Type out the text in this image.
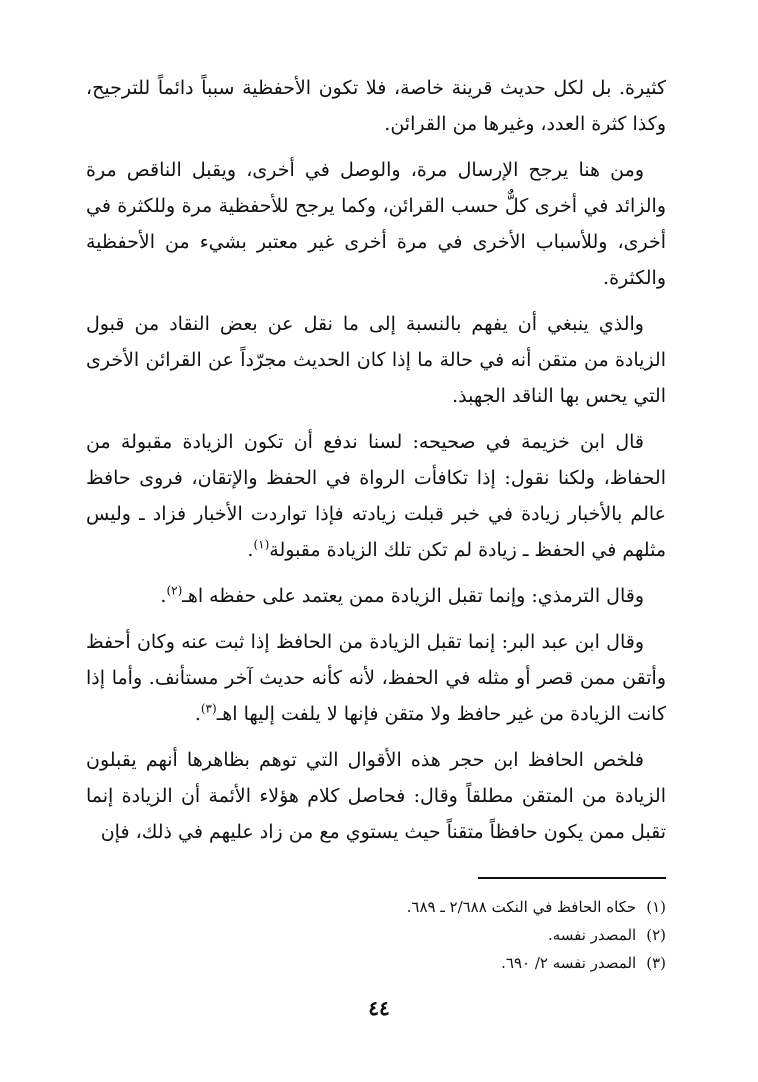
كثيرة. بل لكل حديث قرينة خاصة، فلا تكون الأحفظية سبباً دائماً للترجيح، وكذا كثرة العدد، وغيرها من القرائن.

ومن هنا يرجح الإرسال مرة، والوصل في أخرى، ويقبل الناقص مرة والزائد في أخرى كلٌّ حسب القرائن، وكما يرجح للأحفظية مرة وللكثرة في أخرى، وللأسباب الأخرى في مرة أخرى غير معتبر بشيء من الأحفظية والكثرة.

والذي ينبغي أن يفهم بالنسبة إلى ما نقل عن بعض النقاد من قبول الزيادة من متقن أنه في حالة ما إذا كان الحديث مجرّداً عن القرائن الأخرى التي يحس بها الناقد الجهبذ.

قال ابن خزيمة في صحيحه: لسنا ندفع أن تكون الزيادة مقبولة من الحفاظ، ولكنا نقول: إذا تكافأت الرواة في الحفظ والإتقان، فروى حافظ عالم بالأخبار زيادة في خبر قبلت زيادته فإذا تواردت الأخبار فزاد ـ وليس مثلهم في الحفظ ـ زيادة لم تكن تلك الزيادة مقبولة$^{(١)}$.

وقال الترمذي: وإنما تقبل الزيادة ممن يعتمد على حفظه اهـ$^{(٢)}$.

وقال ابن عبد البر: إنما تقبل الزيادة من الحافظ إذا ثبت عنه وكان أحفظ وأتقن ممن قصر أو مثله في الحفظ، لأنه كأنه حديث آخر مستأنف. وأما إذا كانت الزيادة من غير حافظ ولا متقن فإنها لا يلفت إليها اهـ$^{(٣)}$.

فلخص الحافظ ابن حجر هذه الأقوال التي توهم بظاهرها أنهم يقبلون الزيادة من المتقن مطلقاً وقال: فحاصل كلام هؤلاء الأئمة أن الزيادة إنما تقبل ممن يكون حافظاً متقناً حيث يستوي مع من زاد عليهم في ذلك، فإن

(١)حكاه الحافظ في النكت ٢/٦٨٨ ـ ٦٨٩.

(٢)المصدر نفسه.

(٣)المصدر نفسه ٢/ ٦٩٠.

٤٤
